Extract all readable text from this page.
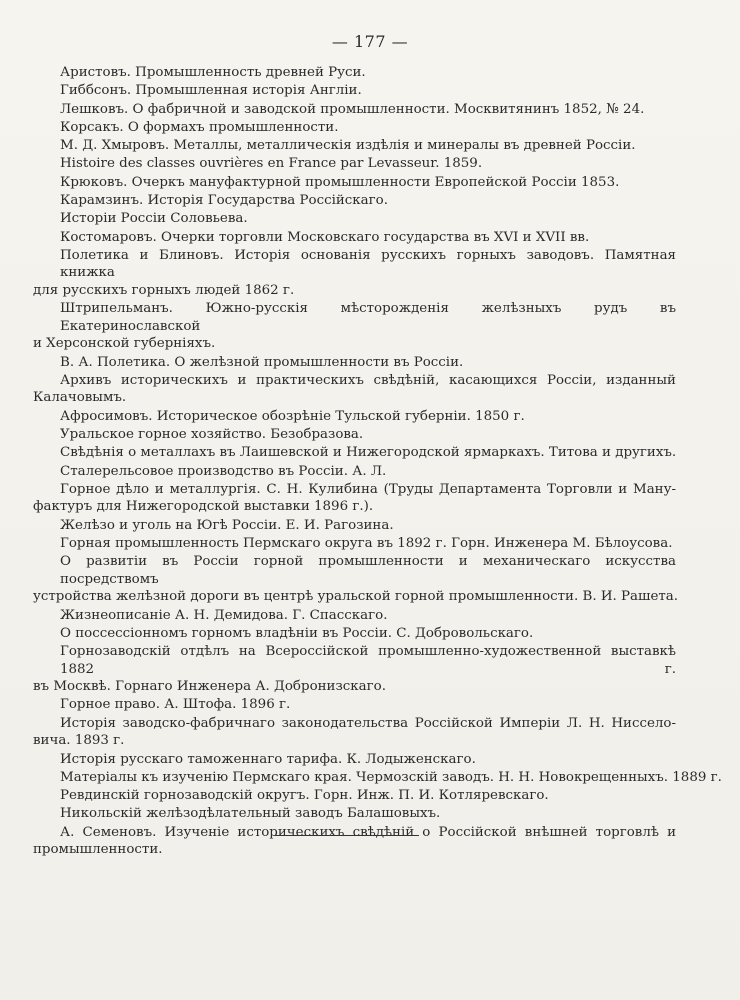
— 177 —
Аристовъ. Промышленность древней Руси.
Гиббсонъ. Промышленная исторiя Англiи.
Лешковъ. О фабричной и заводской промышленности. Москвитянинъ 1852, № 24.
Корсакъ. О формахъ промышленности.
М. Д. Хмыровъ. Металлы, металлическiя издѣлiя и минералы въ древней Россiи.
Histoire des classes ouvrières en France par Levasseur. 1859.
Крюковъ. Очеркъ мануфактурной промышленности Европейской Россiи 1853.
Карамзинъ. Исторiя Государства Россiйскаго.
Исторiи Россiи Соловьева.
Костомаровъ. Очерки торговли Московскаго государства въ XVI и XVII вв.
Полетика и Блиновъ. Исторiя основанiя русскихъ горныхъ заводовъ. Памятная книжка
для русскихъ горныхъ людей 1862 г.
Штрипельманъ. Южно-русскiя мѣсторожденiя желѣзныхъ рудъ въ Екатеринославской
и Херсонской губернiяхъ.
В. А. Полетика. О желѣзной промышленности въ Россiи.
Архивъ историческихъ и практическихъ свѣдѣнiй, касающихся Россiи, изданный
Калачовымъ.
Афросимовъ. Историческое обозрѣнiе Тульской губернiи. 1850 г.
Уральское горное хозяйство. Безобразова.
Свѣдѣнiя о металлахъ въ Лаишевской и Нижегородской ярмаркахъ. Титова и другихъ.
Сталерельсовое производство въ Россiи. А. Л.
Горное дѣло и металлургiя. С. Н. Кулибина (Труды Департамента Торговли и Ману-
фактуръ для Нижегородской выставки 1896 г.).
Желѣзо и уголь на Югѣ Россiи. Е. И. Рагозина.
Горная промышленность Пермскаго округа въ 1892 г. Горн. Инженера М. Бѣлоусова.
О развитiи въ Россiи горной промышленности и механическаго искусства посредствомъ
устройства желѣзной дороги въ центрѣ уральской горной промышленности. В. И. Рашета.
Жизнеописанiе А. Н. Демидова. Г. Спасскаго.
О поссессiонномъ горномъ владѣнiи въ Россiи. С. Добровольскаго.
Горнозаводскiй отдѣлъ на Всероссiйской промышленно-художественной выставкѣ 1882 г.
въ Москвѣ. Горнаго Инженера А. Добронизскаго.
Горное право. А. Штофа. 1896 г.
Исторiя заводско-фабричнаго законодательства Россiйской Имперiи Л. Н. Нисселo-
вича. 1893 г.
Исторiя русскаго таможеннаго тарифа. К. Лодыженскаго.
Матерiалы къ изученiю Пермскаго края. Чермозскiй заводъ. Н. Н. Новокрещенныхъ. 1889 г.
Ревдинскiй горнозаводскiй округъ. Горн. Инж. П. И. Котляревскаго.
Никольскiй желѣзодѣлательный заводъ Балашовыхъ.
А. Семеновъ. Изученiе историческихъ свѣдѣнiй о Россiйской внѣшней торговлѣ и
промышленности.
